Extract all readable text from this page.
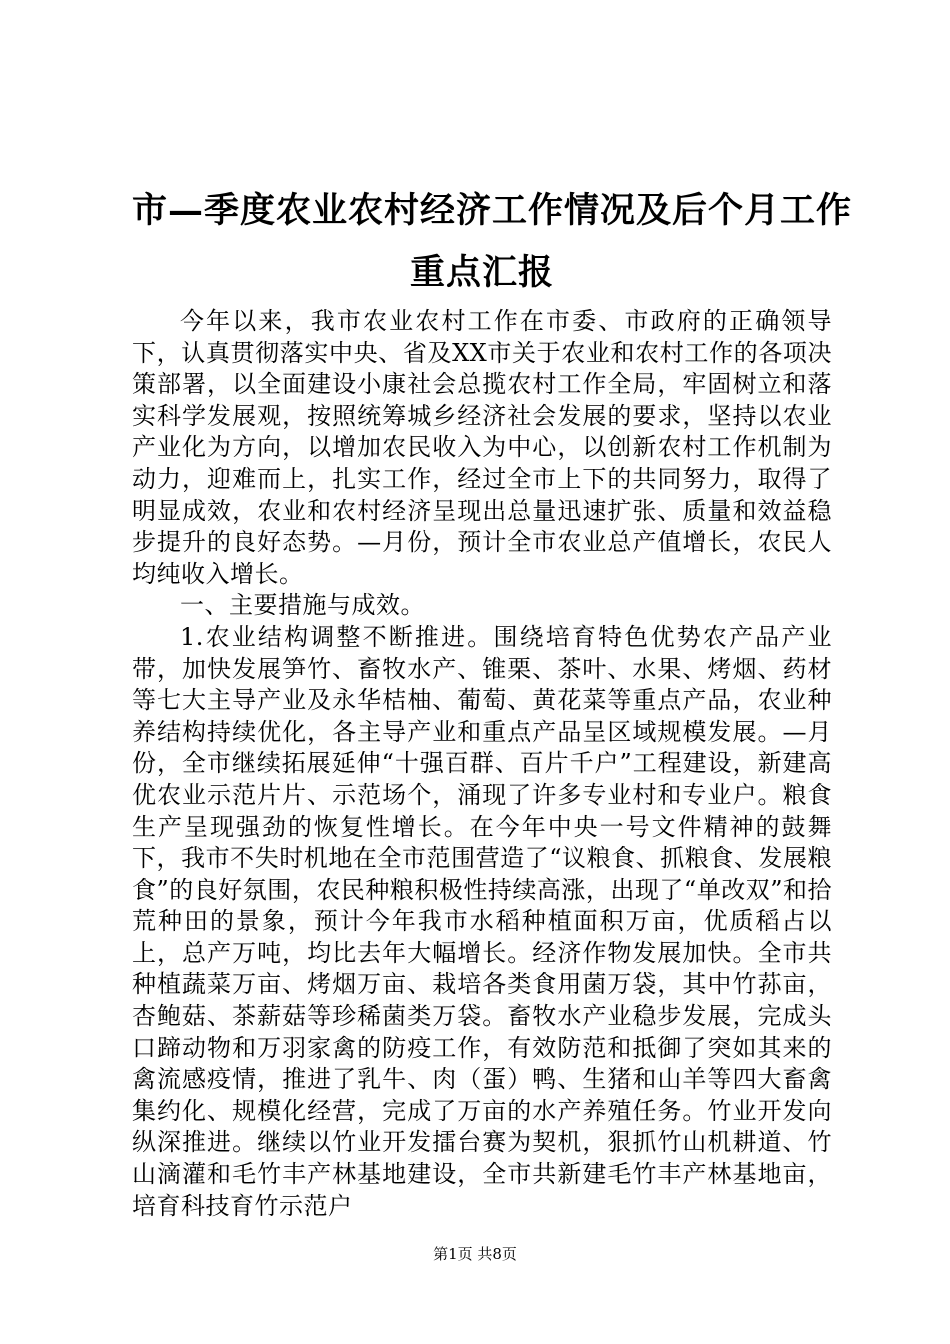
市—季度农业农村经济工作情况及后个月工作
重点汇报

今年以来，我市农业农村工作在市委、市政府的正确领导下，认真贯彻落实中央、省及XX市关于农业和农村工作的各项决策部署，以全面建设小康社会总揽农村工作全局，牢固树立和落实科学发展观，按照统筹城乡经济社会发展的要求，坚持以农业产业化为方向，以增加农民收入为中心，以创新农村工作机制为动力，迎难而上，扎实工作，经过全市上下的共同努力，取得了明显成效，农业和农村经济呈现出总量迅速扩张、质量和效益稳步提升的良好态势。—月份，预计全市农业总产值增长，农民人均纯收入增长。

一、主要措施与成效。

1.农业结构调整不断推进。围绕培育特色优势农产品产业带，加快发展笋竹、畜牧水产、锥栗、茶叶、水果、烤烟、药材等七大主导产业及永华桔柚、葡萄、黄花菜等重点产品，农业种养结构持续优化，各主导产业和重点产品呈区域规模发展。—月份，全市继续拓展延伸“十强百群、百片千户”工程建设，新建高优农业示范片片、示范场个，涌现了许多专业村和专业户。粮食生产呈现强劲的恢复性增长。在今年中央一号文件精神的鼓舞下，我市不失时机地在全市范围营造了“议粮食、抓粮食、发展粮食”的良好氛围，农民种粮积极性持续高涨，出现了“单改双”和拾荒种田的景象，预计今年我市水稻种植面积万亩，优质稻占以上，总产万吨，均比去年大幅增长。经济作物发展加快。全市共种植蔬菜万亩、烤烟万亩、栽培各类食用菌万袋，其中竹荪亩，杏鲍菇、茶薪菇等珍稀菌类万袋。畜牧水产业稳步发展，完成头口蹄动物和万羽家禽的防疫工作，有效防范和抵御了突如其来的禽流感疫情，推进了乳牛、肉（蛋）鸭、生猪和山羊等四大畜禽集约化、规模化经营，完成了万亩的水产养殖任务。竹业开发向纵深推进。继续以竹业开发擂台赛为契机，狠抓竹山机耕道、竹山滴灌和毛竹丰产林基地建设，全市共新建毛竹丰产林基地亩，培育科技育竹示范户

第1页 共8页
